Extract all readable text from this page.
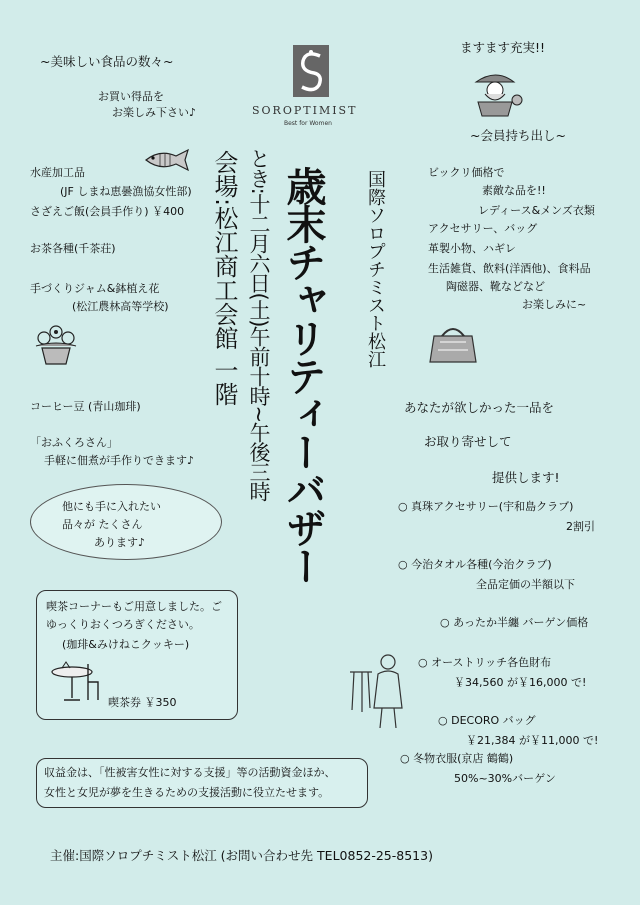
~美味しい食品の数々~
お買い得品を
お楽しみ下さい♪
水産加工品
(JF しまね恵曇漁協女性部)
さざえご飯(会員手作り) ￥400
お茶各種(千茶荘)
手づくりジャム&鉢植え花
(松江農林高等学校)
コーヒー豆 (青山珈琲)
「おふくろさん」
手軽に佃煮が手作りできます♪
他にも手に入れたい
品々が たくさん
あります♪
喫茶コーナーもご用意しました。ご
ゆっくりおくつろぎください。
(珈琲&みけねこクッキー)
喫茶券 ￥350
SOROPTIMIST
Best for Women
国際ソロプチミスト松江
歳末チャリティーバザー
とき:十二月六日(土)午前十時~午後三時
会場:松江商工会館 一階
ますます充実!!
~会員持ち出し~
ビックリ価格で
素敵な品を!!
レディース&メンズ衣類
アクセサリー、バッグ
革製小物、ハギレ
生活雑貨、飲料(洋酒他)、食料品
陶磁器、靴などなど
お楽しみに~
あなたが欲しかった一品を
お取り寄せして
提供します!
○ 真珠アクセサリー(宇和島クラブ)
2割引
○ 今治タオル各種(今治クラブ)
全品定価の半額以下
○ あったか半纏 バーゲン価格
○ オーストリッチ各色財布
￥34,560 が￥16,000 で!
○ DECORO バッグ
￥21,384 が￥11,000 で!
○ 冬物衣服(京店 鶴鶴)
50%~30%バーゲン
収益金は、「性被害女性に対する支援」等の活動資金ほか、
女性と女児が夢を生きるための支援活動に役立たせます。
主催:国際ソロプチミスト松江 (お問い合わせ先 TEL0852-25-8513)
